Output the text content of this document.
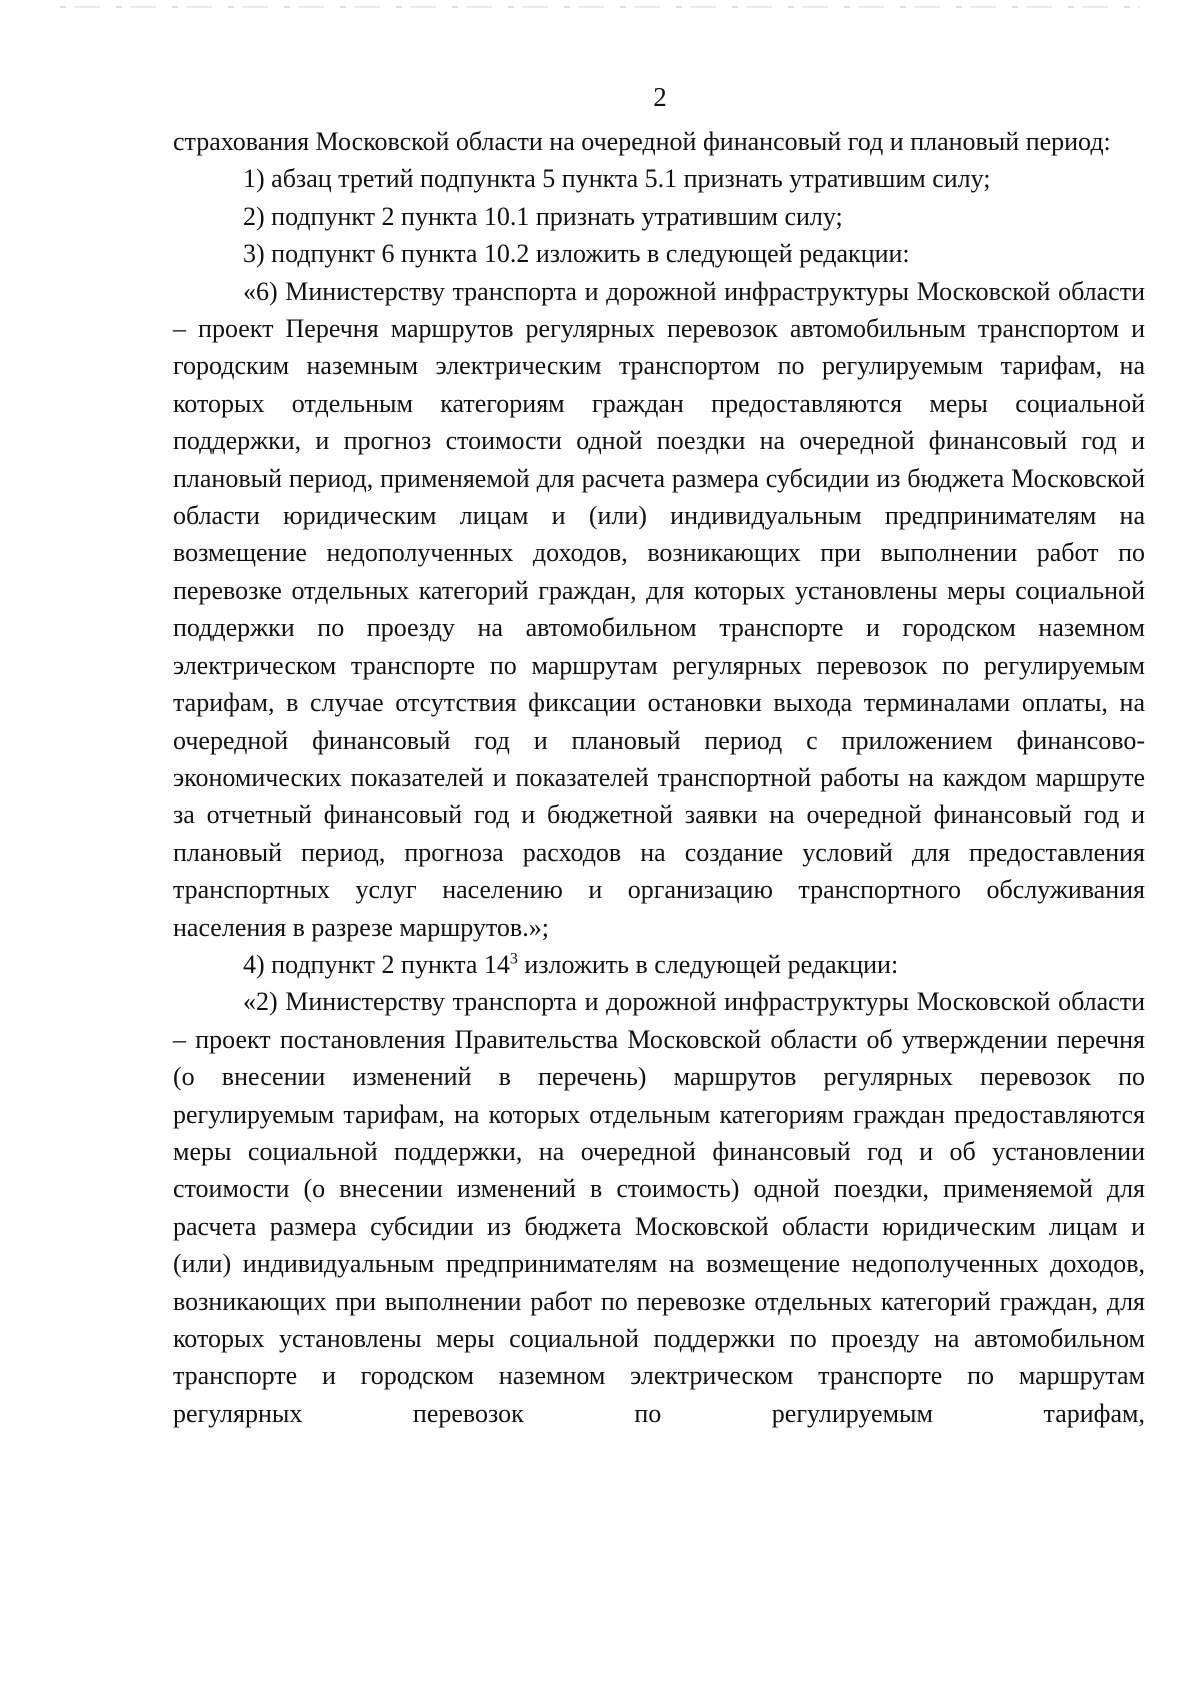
2

страхования Московской области на очередной финансовый год и плановый период:

1) абзац третий подпункта 5 пункта 5.1 признать утратившим силу;

2) подпункт 2 пункта 10.1 признать утратившим силу;

3) подпункт 6 пункта 10.2 изложить в следующей редакции:

«6) Министерству транспорта и дорожной инфраструктуры Московской области – проект Перечня маршрутов регулярных перевозок автомобильным транспортом и городским наземным электрическим транспортом по регулируемым тарифам, на которых отдельным категориям граждан предоставляются меры социальной поддержки, и прогноз стоимости одной поездки на очередной финансовый год и плановый период, применяемой для расчета размера субсидии из бюджета Московской области юридическим лицам и (или) индивидуальным предпринимателям на возмещение недополученных доходов, возникающих при выполнении работ по перевозке отдельных категорий граждан, для которых установлены меры социальной поддержки по проезду на автомобильном транспорте и городском наземном электрическом транспорте по маршрутам регулярных перевозок по регулируемым тарифам, в случае отсутствия фиксации остановки выхода терминалами оплаты, на очередной финансовый год и плановый период с приложением финансово-экономических показателей и показателей транспортной работы на каждом маршруте за отчетный финансовый год и бюджетной заявки на очередной финансовый год и плановый период, прогноза расходов на создание условий для предоставления транспортных услуг населению и организацию транспортного обслуживания населения в разрезе маршрутов.»;

4) подпункт 2 пункта $14^3$ изложить в следующей редакции:

«2) Министерству транспорта и дорожной инфраструктуры Московской области – проект постановления Правительства Московской области об утверждении перечня (о внесении изменений в перечень) маршрутов регулярных перевозок по регулируемым тарифам, на которых отдельным категориям граждан предоставляются меры социальной поддержки, на очередной финансовый год и об установлении стоимости (о внесении изменений в стоимость) одной поездки, применяемой для расчета размера субсидии из бюджета Московской области юридическим лицам и (или) индивидуальным предпринимателям на возмещение недополученных доходов, возникающих при выполнении работ по перевозке отдельных категорий граждан, для которых установлены меры социальной поддержки по проезду на автомобильном транспорте и городском наземном электрическом транспорте по маршрутам регулярных перевозок по регулируемым тарифам,
